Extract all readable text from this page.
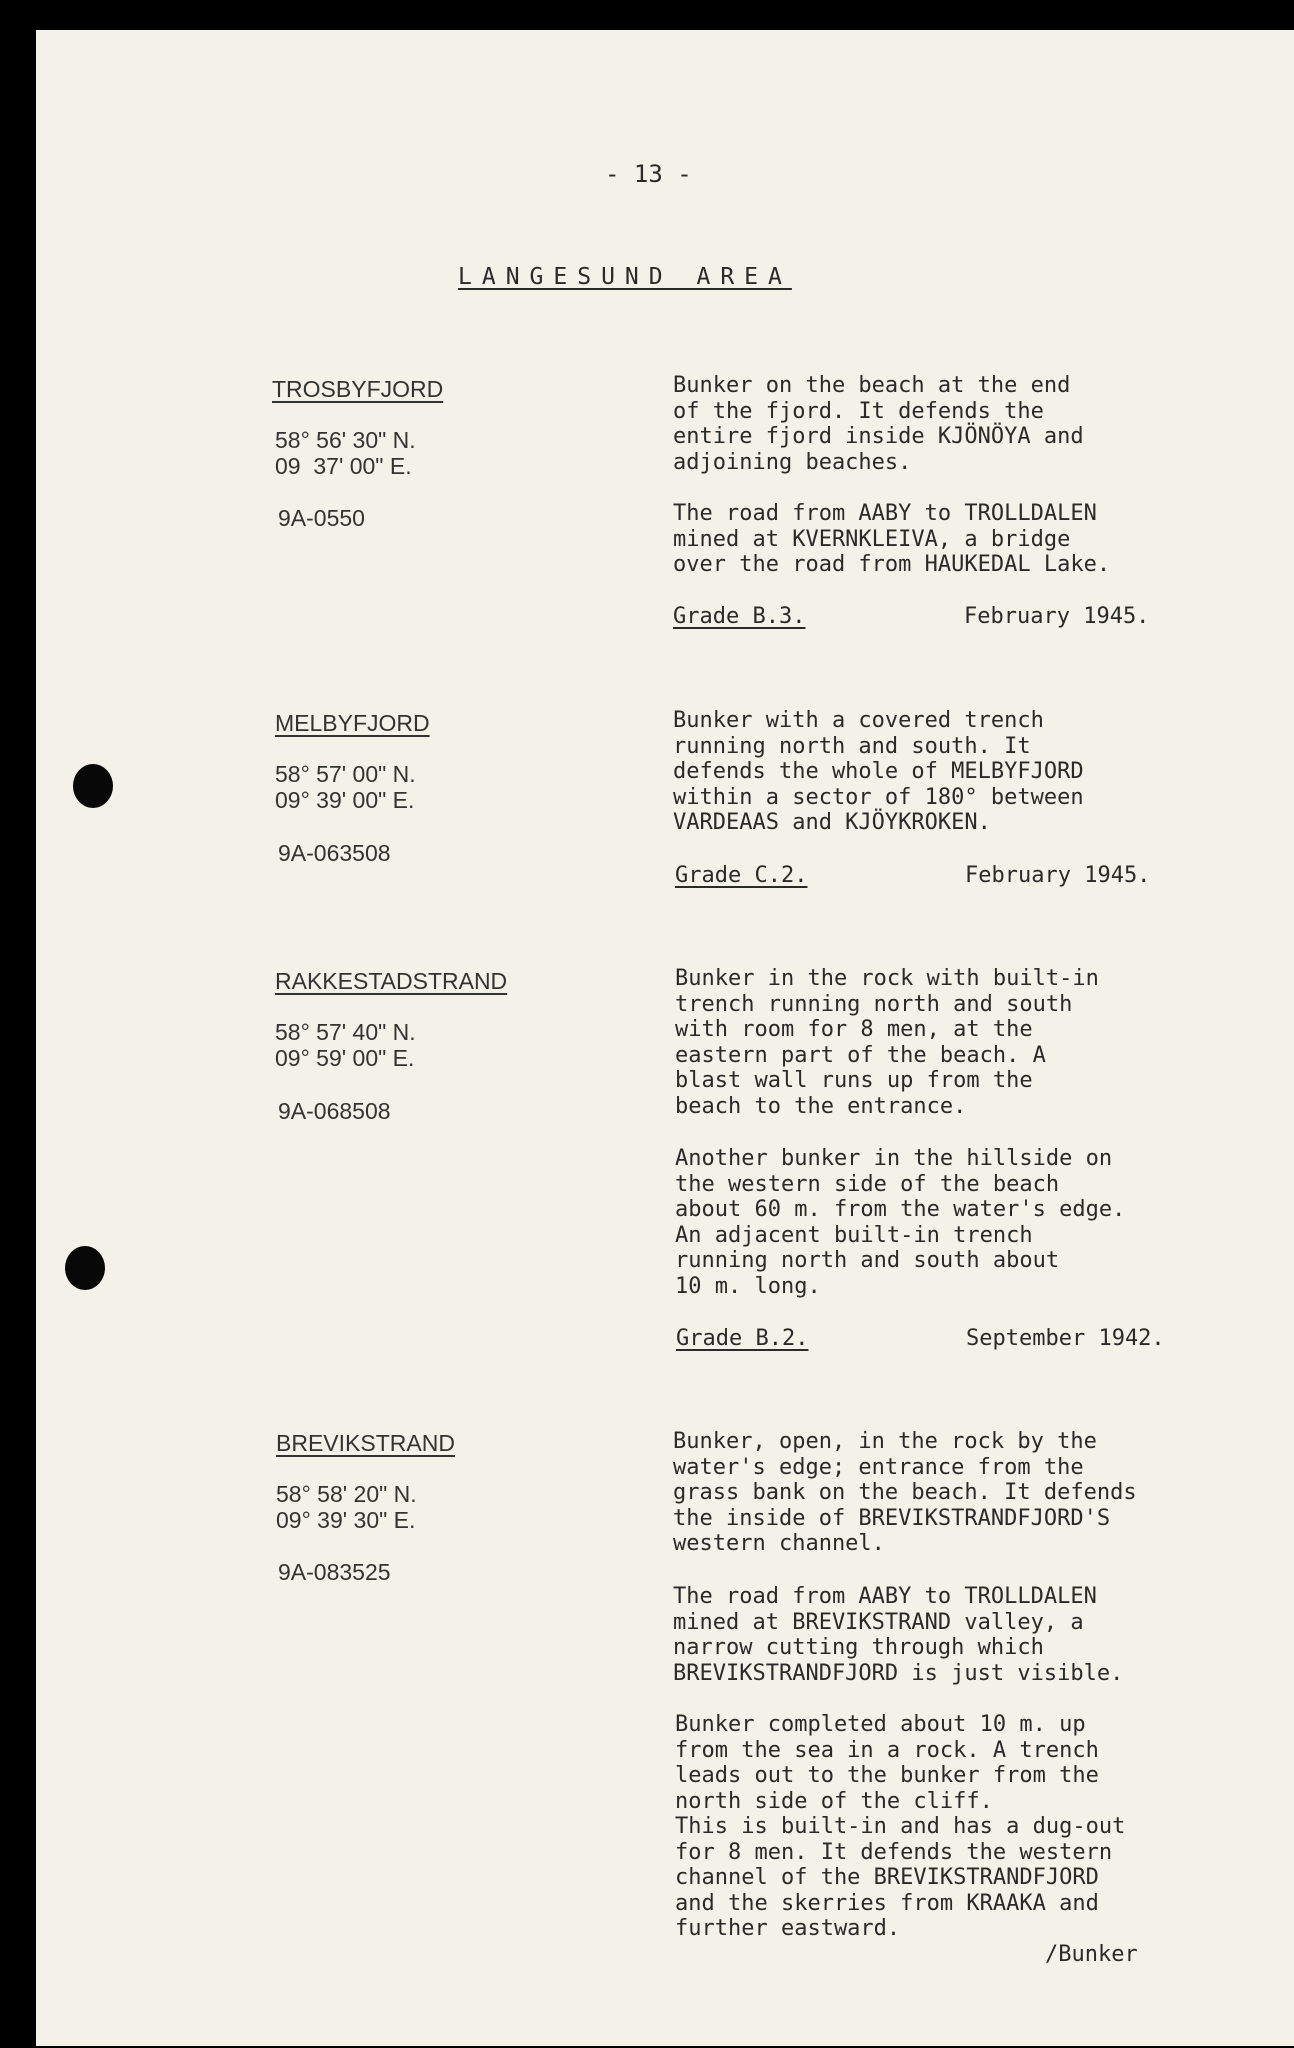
- 13 -
LANGESUND AREA
TROSBYFJORD
58° 56' 30" N.
09  37' 00" E.
9A-0550
Bunker on the beach at the end
of the fjord. It defends the
entire fjord inside KJÖNÖYA and
adjoining beaches.
The road from AABY to TROLLDALEN
mined at KVERNKLEIVA, a bridge
over the road from HAUKEDAL Lake.
Grade B.3.	February 1945.
MELBYFJORD
58° 57' 00" N.
09° 39' 00" E.
9A-063508
Bunker with a covered trench
running north and south. It
defends the whole of MELBYFJORD
within a sector of 180° between
VARDEAAS and KJÖYKROKEN.
Grade C.2.	February 1945.
RAKKESTADSTRAND
58° 57' 40" N.
09° 59' 00" E.
9A-068508
Bunker in the rock with built-in
trench running north and south
with room for 8 men, at the
eastern part of the beach. A
blast wall runs up from the
beach to the entrance.
Another bunker in the hillside on
the western side of the beach
about 60 m. from the water's edge.
An adjacent built-in trench
running north and south about
10 m. long.
Grade B.2.	September 1942.
BREVIKSTRAND
58° 58' 20" N.
09° 39' 30" E.
9A-083525
Bunker, open, in the rock by the
water's edge; entrance from the
grass bank on the beach. It defends
the inside of BREVIKSTRANDFJORD'S
western channel.
The road from AABY to TROLLDALEN
mined at BREVIKSTRAND valley, a
narrow cutting through which
BREVIKSTRANDFJORD is just visible.
Bunker completed about 10 m. up
from the sea in a rock. A trench
leads out to the bunker from the
north side of the cliff.
This is built-in and has a dug-out
for 8 men. It defends the western
channel of the BREVIKSTRANDFJORD
and the skerries from KRAAKA and
further eastward.
/Bunker
